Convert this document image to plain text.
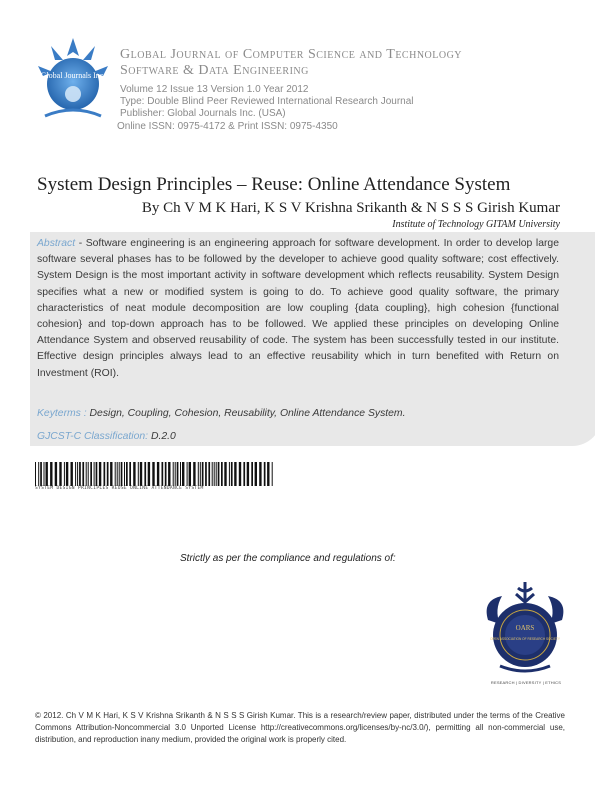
Global Journals Inc.
Global Journal of Computer Science and Technology
Software & Data Engineering
Volume 12 Issue 13 Version 1.0 Year 2012
Type: Double Blind Peer Reviewed International Research Journal
Publisher: Global Journals Inc. (USA)
Online ISSN: 0975-4172 & Print ISSN: 0975-4350
System Design Principles – Reuse: Online Attendance System
By Ch V M K Hari, K S V Krishna Srikanth & N S S S Girish Kumar
Institute of Technology GITAM University
Abstract - Software engineering is an engineering approach for software development. In order to develop large software several phases has to be followed by the developer to achieve good quality software; cost effectively. System Design is the most important activity in software development which reflects reusability. System Design specifies what a new or modified system is going to do. To achieve good quality software, the primary characteristics of neat module decomposition are low coupling {data coupling}, high cohesion {functional cohesion} and top-down approach has to be followed. We applied these principles on developing Online Attendance System and observed reusability of code. The system has been successfully tested in our institute. Effective design principles always lead to an effective reusability which in turn benefited with Return on Investment (ROI).
Keyterms : Design, Coupling, Cohesion, Reusability, Online Attendance System.
GJCST-C Classification: D.2.0
SYSTEM DESIGN PRINCIPLES REUSE ONLINE ATTENDANCE SYSTEM
Strictly as per the compliance and regulations of:
OARS
OPEN ASSOCIATION OF RESEARCH SOCIETY
RESEARCH | DIVERSITY | ETHICS
© 2012. Ch V M K Hari, K S V Krishna Srikanth & N S S S Girish Kumar. This is a research/review paper, distributed under the terms of the Creative Commons Attribution-Noncommercial 3.0 Unported License http://creativecommons.org/licenses/by-nc/3.0/), permitting all non-commercial use, distribution, and reproduction inany medium, provided the original work is properly cited.
